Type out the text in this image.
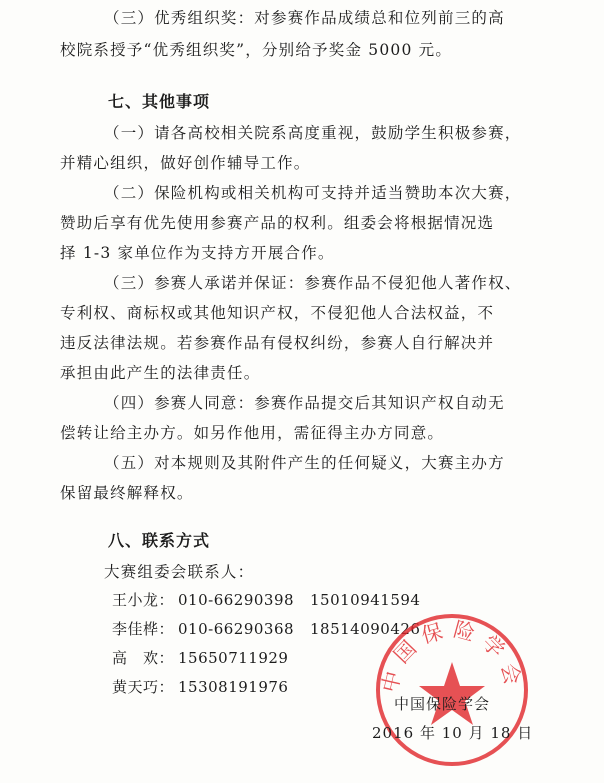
（三）优秀组织奖：对参赛作品成绩总和位列前三的高
校院系授予“优秀组织奖”，分别给予奖金 5000 元。
七、其他事项
（一）请各高校相关院系高度重视，鼓励学生积极参赛，
并精心组织，做好创作辅导工作。
（二）保险机构或相关机构可支持并适当赞助本次大赛，
赞助后享有优先使用参赛产品的权利。组委会将根据情况选
择 1-3 家单位作为支持方开展合作。
（三）参赛人承诺并保证：参赛作品不侵犯他人著作权、
专利权、商标权或其他知识产权，不侵犯他人合法权益，不
违反法律法规。若参赛作品有侵权纠纷，参赛人自行解决并
承担由此产生的法律责任。
（四）参赛人同意：参赛作品提交后其知识产权自动无
偿转让给主办方。如另作他用，需征得主办方同意。
（五）对本规则及其附件产生的任何疑义，大赛主办方
保留最终解释权。
八、联系方式
大赛组委会联系人：
王小龙： 010-66290398 15010941594
李佳桦： 010-66290368 18514090426
高　欢： 15650711929
黄天巧： 15308191976	中国保险学会
中国保险学会
2016 年 10 月 18 日
